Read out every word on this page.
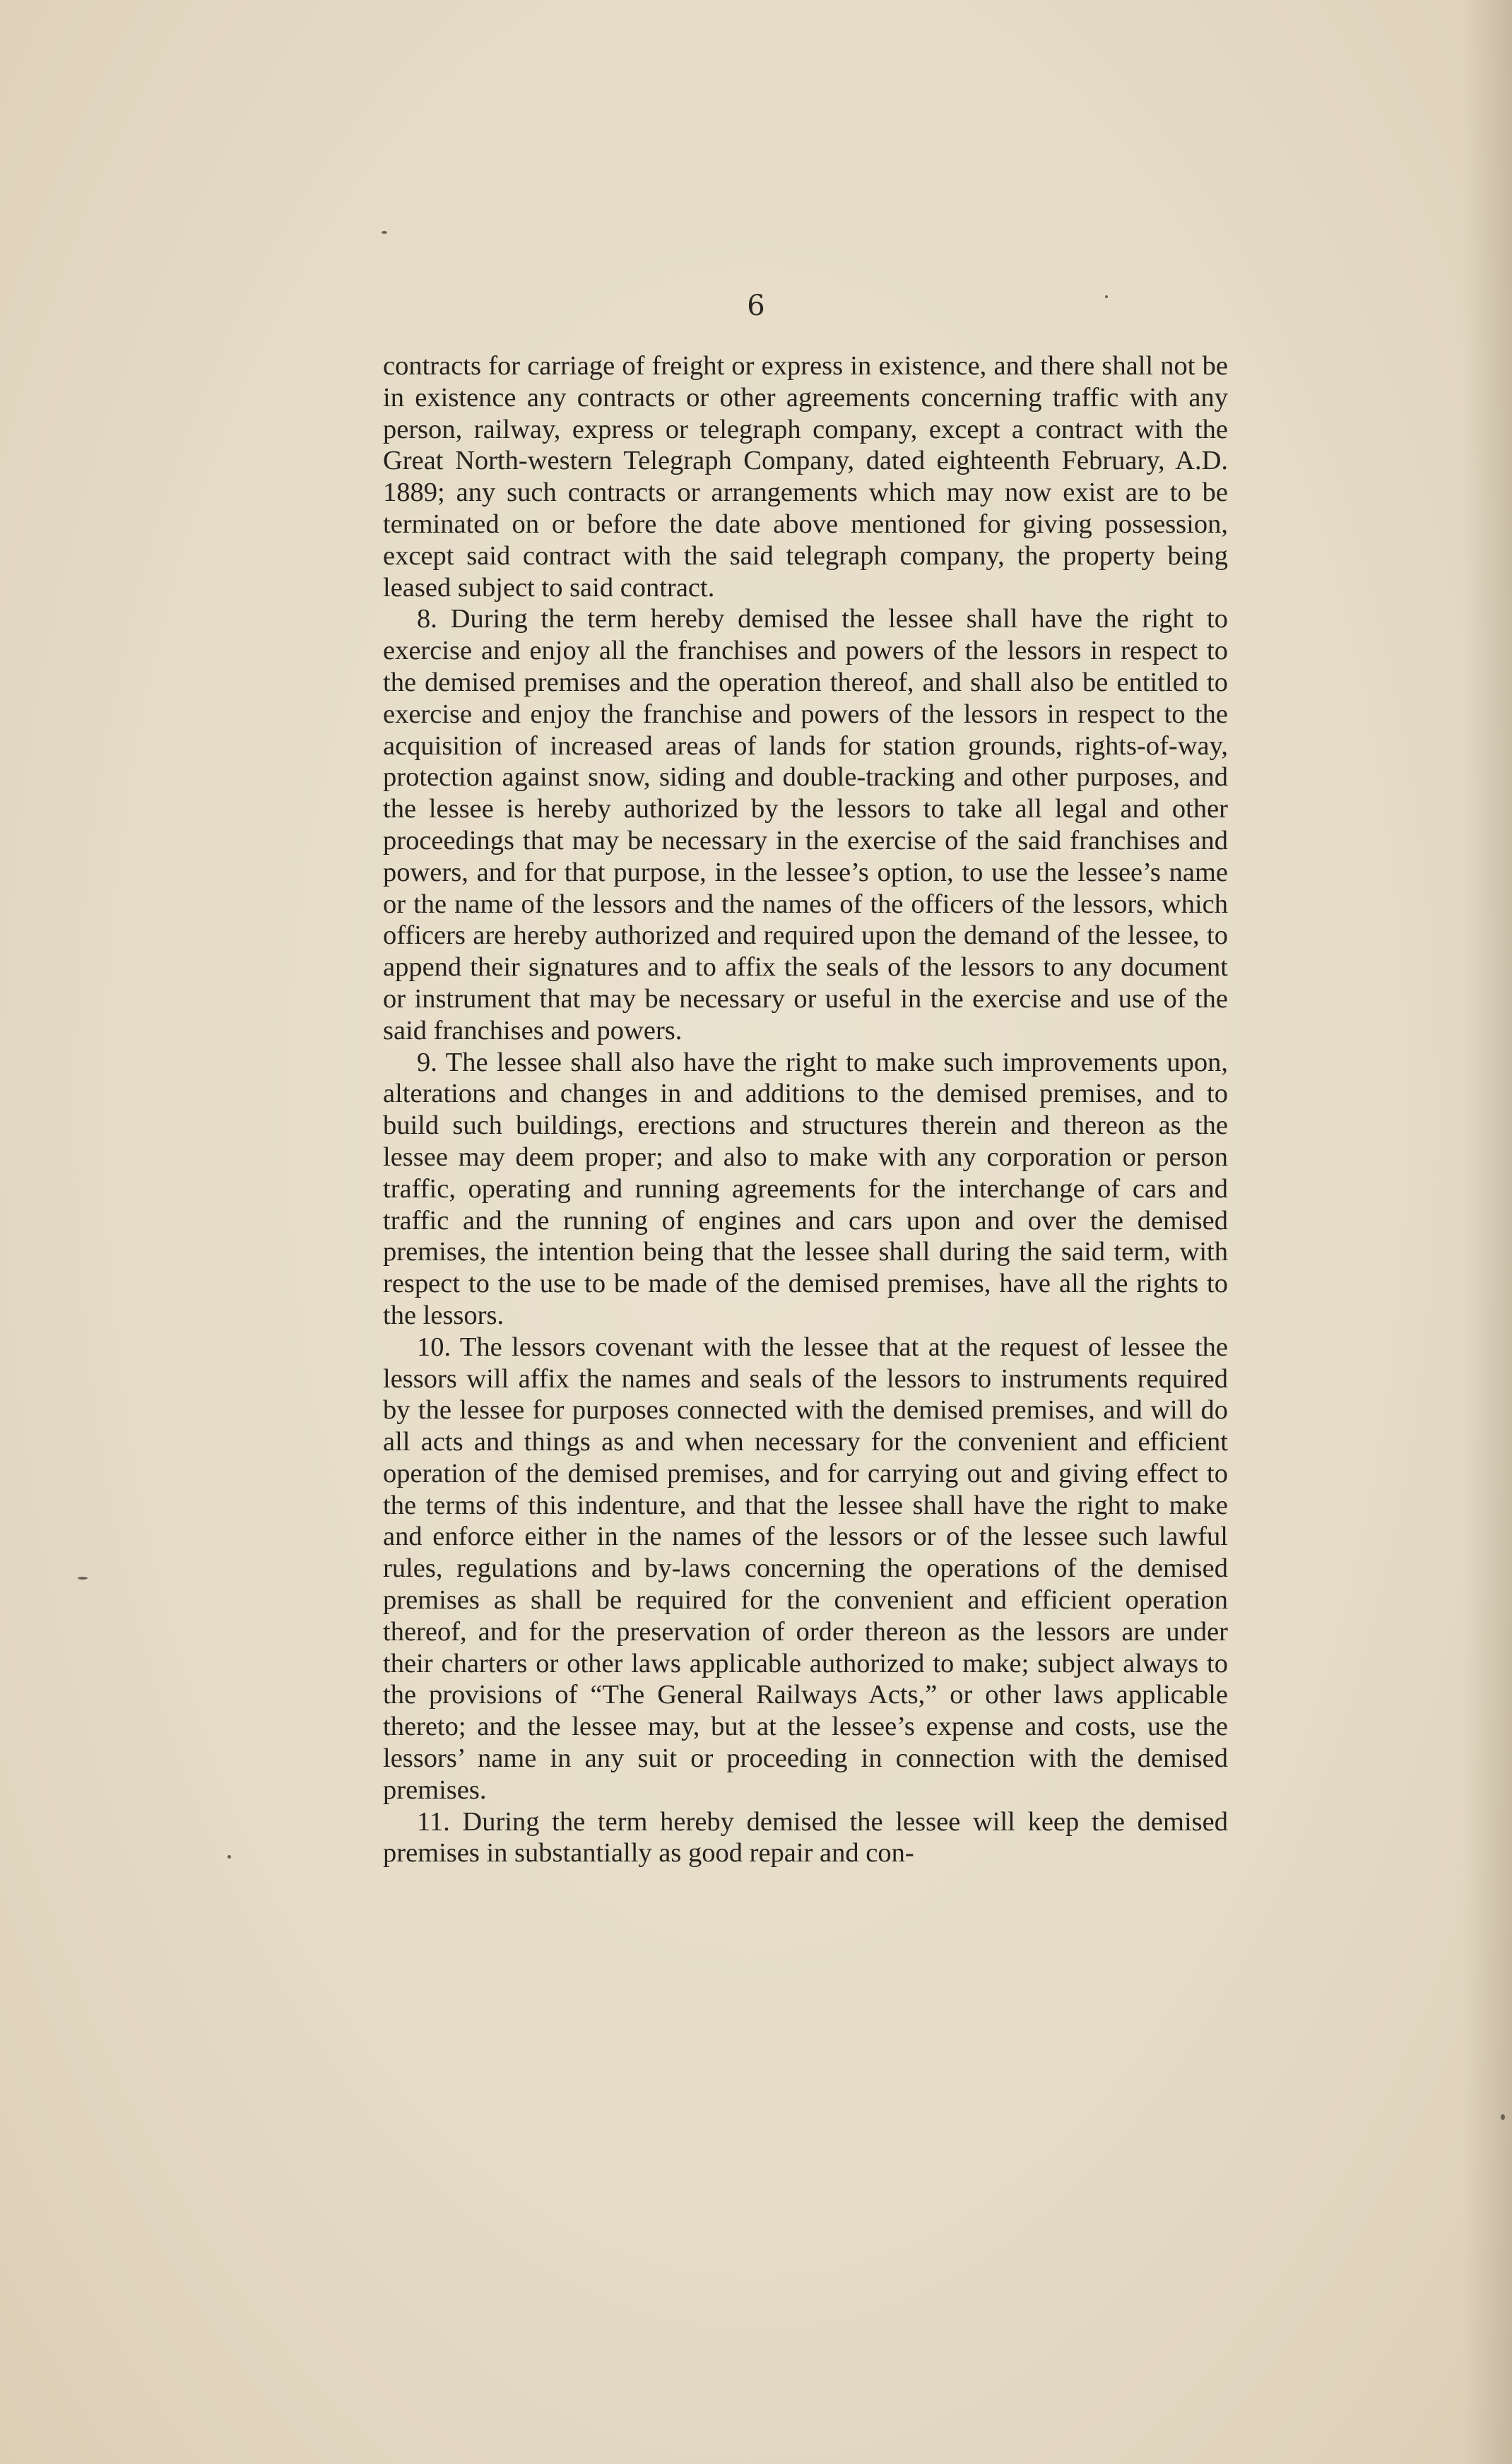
6

contracts for carriage of freight or express in existence, and there shall not be in existence any contracts or other agreements concerning traffic with any person, railway, express or telegraph company, except a contract with the Great North-western Telegraph Company, dated eighteenth February, A.D. 1889; any such contracts or arrangements which may now exist are to be terminated on or before the date above mentioned for giving possession, except said contract with the said telegraph company, the property being leased subject to said contract.

8. During the term hereby demised the lessee shall have the right to exercise and enjoy all the franchises and powers of the lessors in respect to the demised premises and the operation thereof, and shall also be entitled to exercise and enjoy the franchise and powers of the lessors in respect to the acquisition of increased areas of lands for station grounds, rights-of-way, protection against snow, siding and double-tracking and other purposes, and the lessee is hereby authorized by the lessors to take all legal and other proceedings that may be necessary in the exercise of the said franchises and powers, and for that purpose, in the lessee’s option, to use the lessee’s name or the name of the lessors and the names of the officers of the lessors, which officers are hereby authorized and required upon the demand of the lessee, to append their signatures and to affix the seals of the lessors to any document or instrument that may be necessary or useful in the exercise and use of the said franchises and powers.

9. The lessee shall also have the right to make such improvements upon, alterations and changes in and additions to the demised premises, and to build such buildings, erections and structures therein and thereon as the lessee may deem proper; and also to make with any corporation or person traffic, operating and running agreements for the interchange of cars and traffic and the running of engines and cars upon and over the demised premises, the intention being that the lessee shall during the said term, with respect to the use to be made of the demised premises, have all the rights to the lessors.

10. The lessors covenant with the lessee that at the request of lessee the lessors will affix the names and seals of the lessors to instruments required by the lessee for purposes connected with the demised premises, and will do all acts and things as and when necessary for the convenient and efficient operation of the demised premises, and for carrying out and giving effect to the terms of this indenture, and that the lessee shall have the right to make and enforce either in the names of the lessors or of the lessee such lawful rules, regulations and by-laws concerning the operations of the demised premises as shall be required for the convenient and efficient operation thereof, and for the preservation of order thereon as the lessors are under their charters or other laws applicable authorized to make; subject always to the provisions of “The General Railways Acts,” or other laws applicable thereto; and the lessee may, but at the lessee’s expense and costs, use the lessors’ name in any suit or proceeding in connection with the demised premises.

11. During the term hereby demised the lessee will keep the demised premises in substantially as good repair and con-
